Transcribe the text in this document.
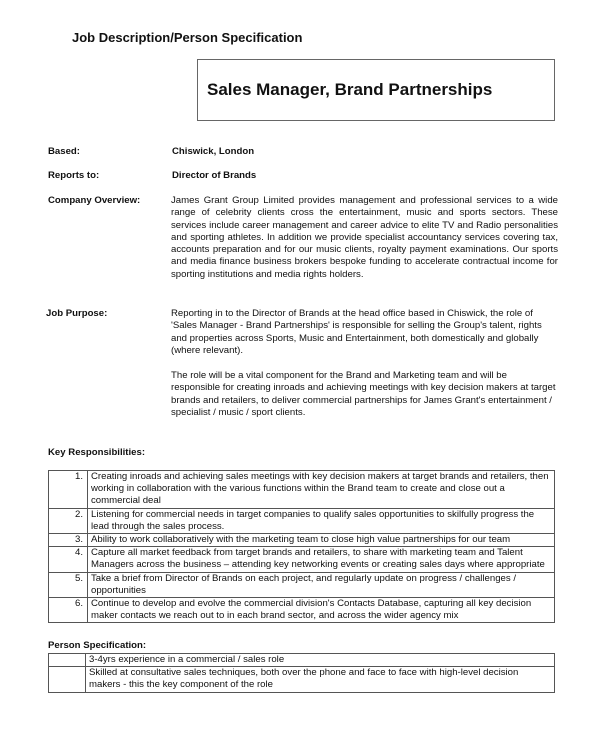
Job Description/Person Specification
Sales Manager, Brand Partnerships
Based:	Chiswick, London
Reports to:	Director of Brands
Company Overview:	James Grant Group Limited provides management and professional services to a wide range of celebrity clients cross the entertainment, music and sports sectors. These services include career management and career advice to elite TV and Radio personalities and sporting athletes. In addition we provide specialist accountancy services covering tax, accounts preparation and for our music clients, royalty payment examinations. Our sports and media finance business brokers bespoke funding to accelerate contractual income for sporting institutions and media rights holders.
Job Purpose:	Reporting in to the Director of Brands at the head office based in Chiswick, the role of 'Sales Manager - Brand Partnerships' is responsible for selling the Group's talent, rights and properties across Sports, Music and Entertainment, both domestically and globally (where relevant).
The role will be a vital component for the Brand and Marketing team and will be responsible for creating inroads and achieving meetings with key decision makers at target brands and retailers, to deliver commercial partnerships for James Grant's entertainment / specialist / music / sport clients.
Key Responsibilities:
1.	Creating inroads and achieving sales meetings with key decision makers at target brands and retailers, then working in collaboration with the various functions within the Brand team to create and close out a commercial deal
2.	Listening for commercial needs in target companies to qualify sales opportunities to skilfully progress the lead through the sales process.
3.	Ability to work collaboratively with the marketing team to close high value partnerships for our team
4.	Capture all market feedback from target brands and retailers, to share with marketing team and Talent Managers across the business – attending key networking events or creating sales days where appropriate
5.	Take a brief from Director of Brands on each project, and regularly update on progress / challenges / opportunities
6.	Continue to develop and evolve the commercial division's Contacts Database, capturing all key decision maker contacts we reach out to in each brand sector, and across the wider agency mix
Person Specification:
	3-4yrs experience in a commercial / sales role
	Skilled at consultative sales techniques, both over the phone and face to face with high-level decision makers - this the key component of the role
